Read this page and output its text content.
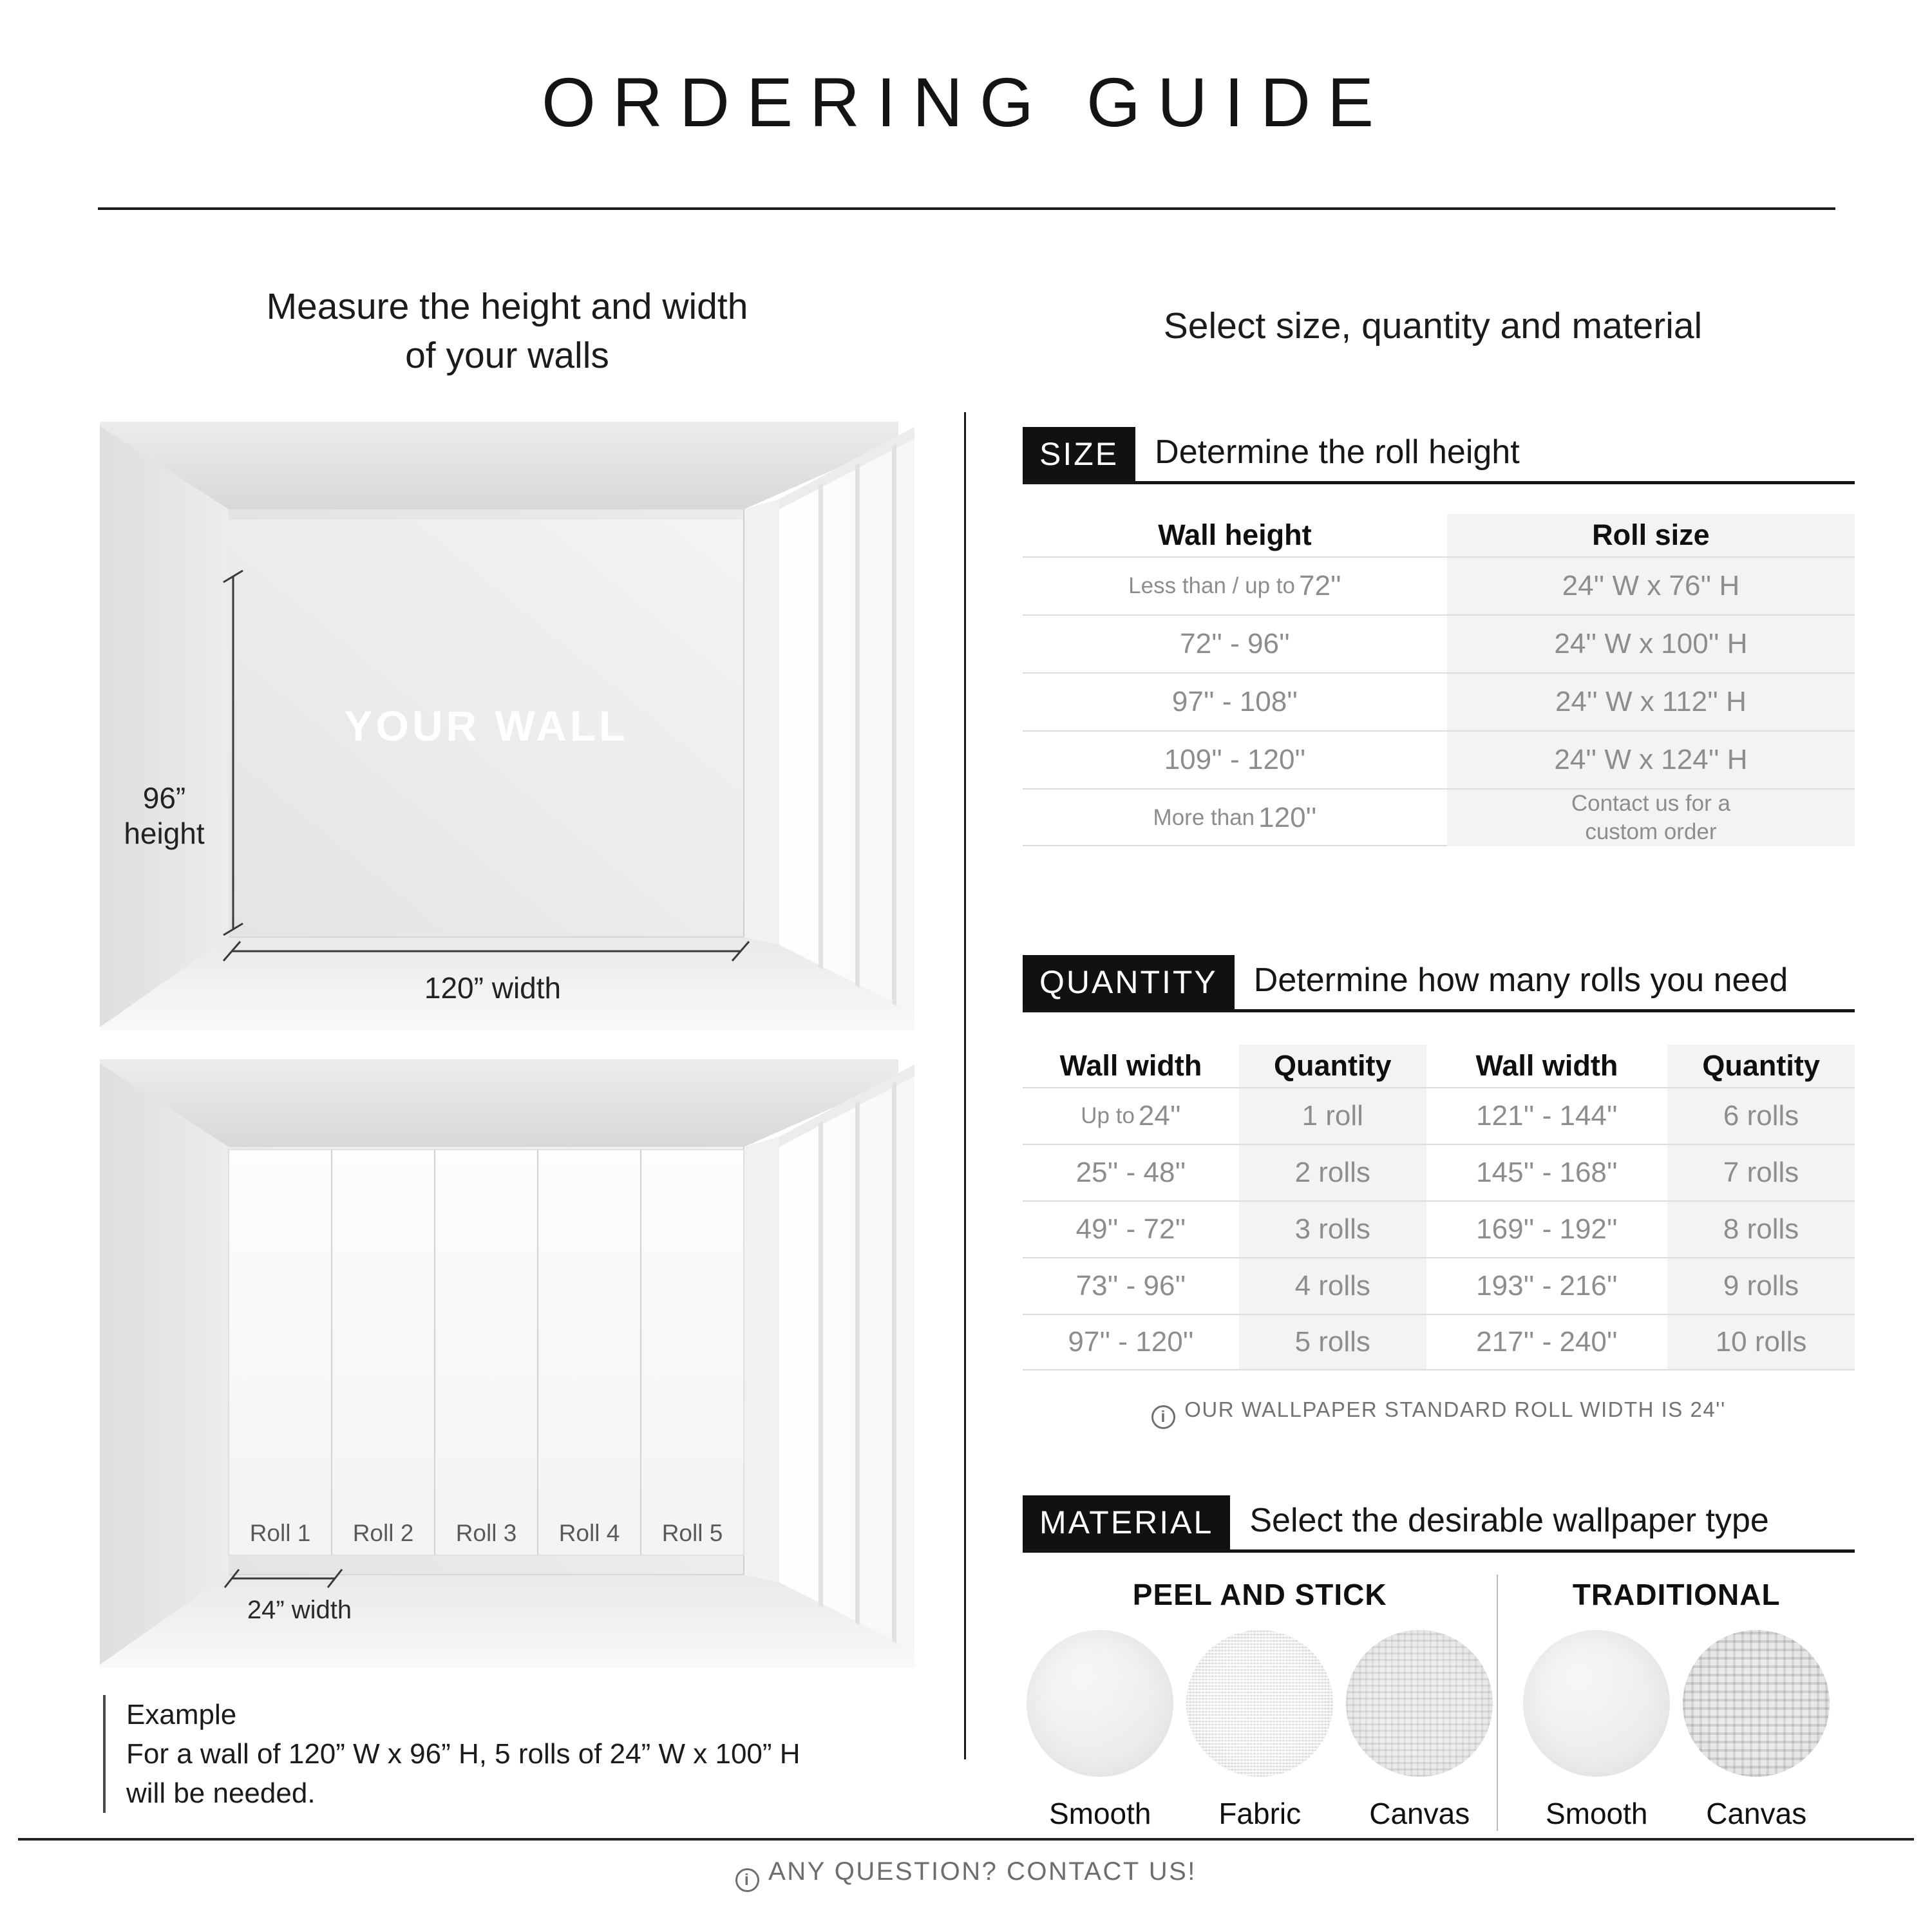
ORDERING GUIDE
Measure the height and width
of your walls
Select size, quantity and material
96”
height
YOUR WALL
120” width
Roll 1 Roll 2 Roll 3 Roll 4 Roll 5
24” width
Example
For a wall of 120” W x 96” H, 5 rolls of 24” W x 100” H
will be needed.
SIZE	Determine the roll height
Wall height	Roll size
Less than / up to 72''	24'' W x 76'' H
72'' - 96''	24'' W x 100'' H
97'' - 108''	24'' W x 112'' H
109'' - 120''	24'' W x 124'' H
More than 120''	Contact us for a
custom order
QUANTITY	Determine how many rolls you need
Wall width	Quantity	Wall width	Quantity
Up to 24''	1 roll	121'' - 144''	6 rolls
25'' - 48''	2 rolls	145'' - 168''	7 rolls
49'' - 72''	3 rolls	169'' - 192''	8 rolls
73'' - 96''	4 rolls	193'' - 216''	9 rolls
97'' - 120''	5 rolls	217'' - 240''	10 rolls
i OUR WALLPAPER STANDARD ROLL WIDTH IS 24''
MATERIAL	Select the desirable wallpaper type
PEEL AND STICK
Smooth Fabric Canvas
TRADITIONAL
Smooth Canvas
i ANY QUESTION? CONTACT US!
